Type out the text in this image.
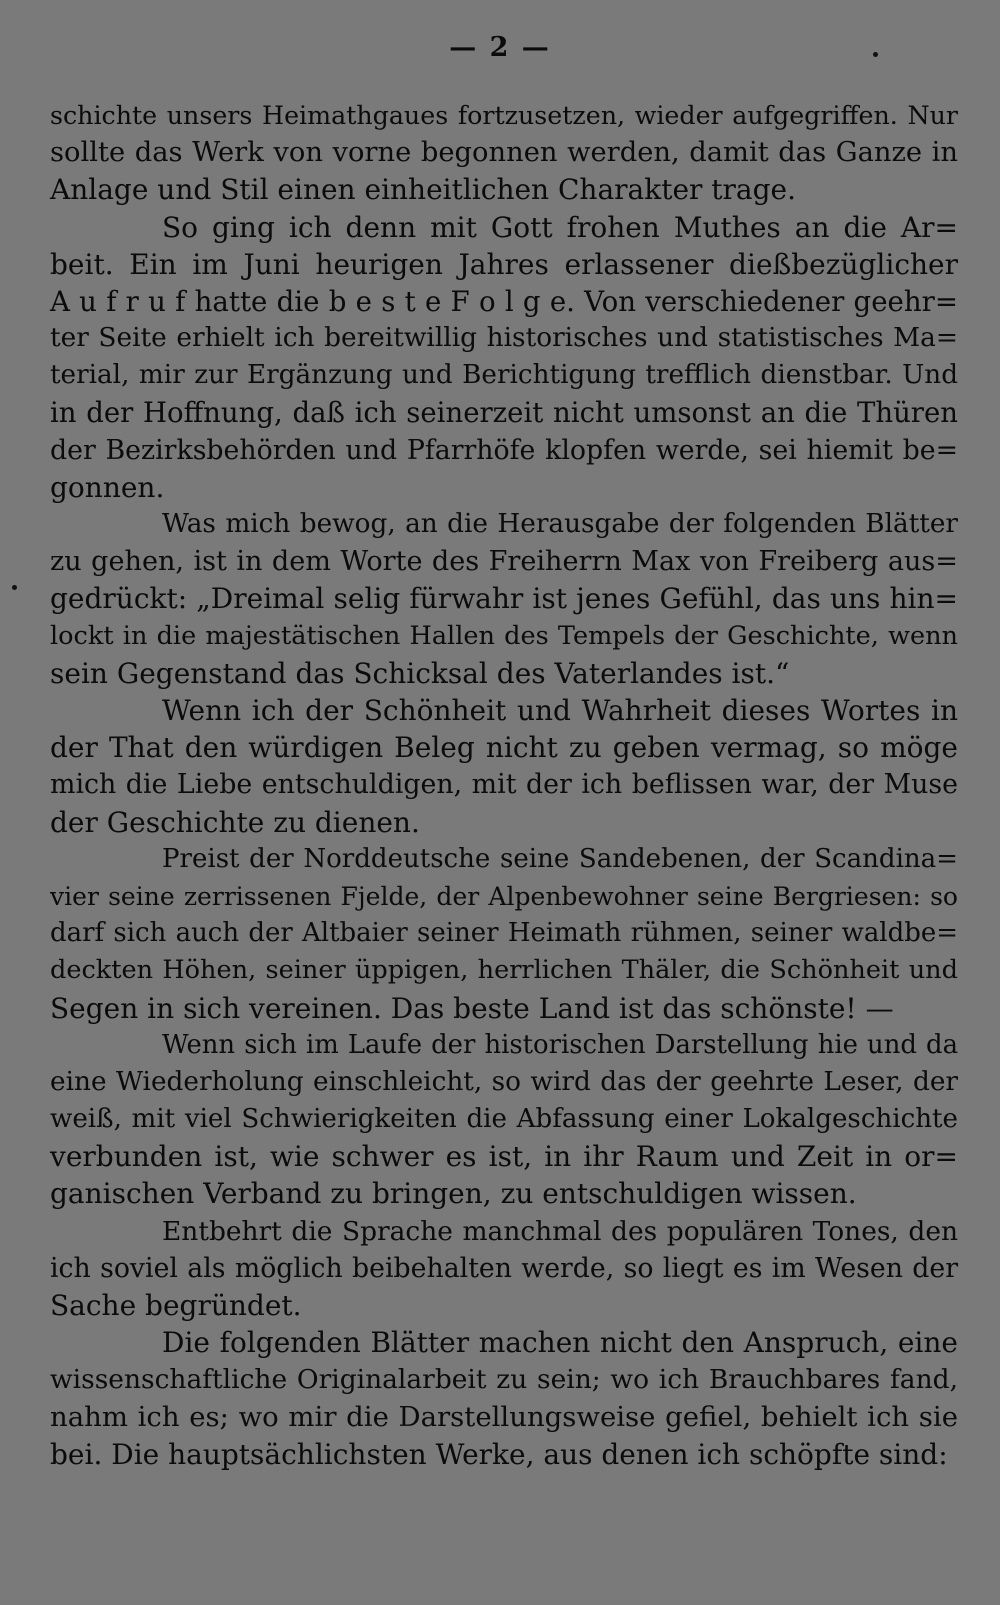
— 2 —
schichte unsers Heimathgaues fortzusetzen, wieder aufgegriffen. Nur
sollte das Werk von vorne begonnen werden, damit das Ganze in
Anlage und Stil einen einheitlichen Charakter trage.
So ging ich denn mit Gott frohen Muthes an die Ar=
beit. Ein im Juni heurigen Jahres erlassener dießbezüglicher
A u f r u f hatte die b e s t e F o l g e. Von verschiedener geehr=
ter Seite erhielt ich bereitwillig historisches und statistisches Ma=
terial, mir zur Ergänzung und Berichtigung trefflich dienstbar. Und
in der Hoffnung, daß ich seinerzeit nicht umsonst an die Thüren
der Bezirksbehörden und Pfarrhöfe klopfen werde, sei hiemit be=
gonnen.
Was mich bewog, an die Herausgabe der folgenden Blätter
zu gehen, ist in dem Worte des Freiherrn Max von Freiberg aus=
gedrückt: „Dreimal selig fürwahr ist jenes Gefühl, das uns hin=
lockt in die majestätischen Hallen des Tempels der Geschichte, wenn
sein Gegenstand das Schicksal des Vaterlandes ist.“
Wenn ich der Schönheit und Wahrheit dieses Wortes in
der That den würdigen Beleg nicht zu geben vermag, so möge
mich die Liebe entschuldigen, mit der ich beflissen war, der Muse
der Geschichte zu dienen.
Preist der Norddeutsche seine Sandebenen, der Scandina=
vier seine zerrissenen Fjelde, der Alpenbewohner seine Bergriesen: so
darf sich auch der Altbaier seiner Heimath rühmen, seiner waldbe=
deckten Höhen, seiner üppigen, herrlichen Thäler, die Schönheit und
Segen in sich vereinen. Das beste Land ist das schönste! —
Wenn sich im Laufe der historischen Darstellung hie und da
eine Wiederholung einschleicht, so wird das der geehrte Leser, der
weiß, mit viel Schwierigkeiten die Abfassung einer Lokalgeschichte
verbunden ist, wie schwer es ist, in ihr Raum und Zeit in or=
ganischen Verband zu bringen, zu entschuldigen wissen.
Entbehrt die Sprache manchmal des populären Tones, den
ich soviel als möglich beibehalten werde, so liegt es im Wesen der
Sache begründet.
Die folgenden Blätter machen nicht den Anspruch, eine
wissenschaftliche Originalarbeit zu sein; wo ich Brauchbares fand,
nahm ich es; wo mir die Darstellungsweise gefiel, behielt ich sie
bei. Die hauptsächlichsten Werke, aus denen ich schöpfte sind:
